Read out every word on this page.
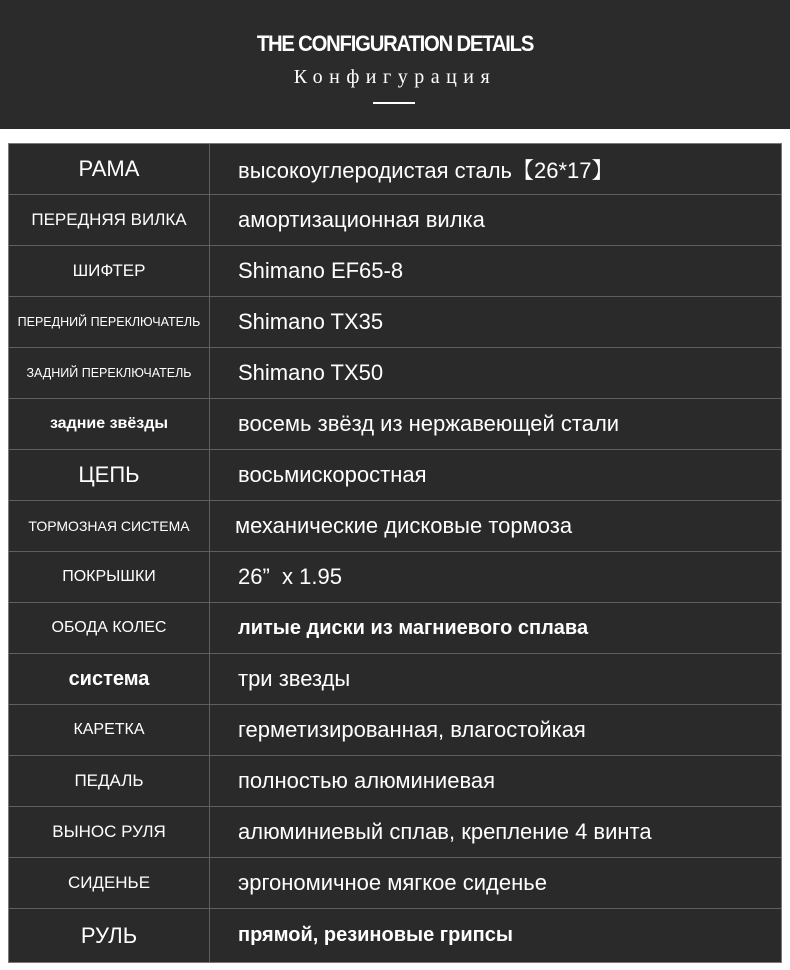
THE CONFIGURATION DETAILS
Конфигурация
РАМА	высокоуглеродистая сталь【26*17】
ПЕРЕДНЯЯ ВИЛКА	амортизационная вилка
ШИФТЕР	Shimano EF65-8
ПЕРЕДНИЙ ПЕРЕКЛЮЧАТЕЛЬ	Shimano TX35
ЗАДНИЙ ПЕРЕКЛЮЧАТЕЛЬ	Shimano TX50
задние звёзды	восемь звёзд из нержавеющей стали
ЦЕПЬ	восьмискоростная
ТОРМОЗНАЯ СИСТЕМА	механические дисковые тормоза
ПОКРЫШКИ	26”  x 1.95
ОБОДА КОЛЕС	литые диски из магниевого сплава
система	три звезды
КАРЕТКА	герметизированная, влагостойкая
ПЕДАЛЬ	полностью алюминиевая
ВЫНОС РУЛЯ	алюминиевый сплав, крепление 4 винта
СИДЕНЬЕ	эргономичное мягкое сиденье
РУЛЬ	прямой, резиновые грипсы
